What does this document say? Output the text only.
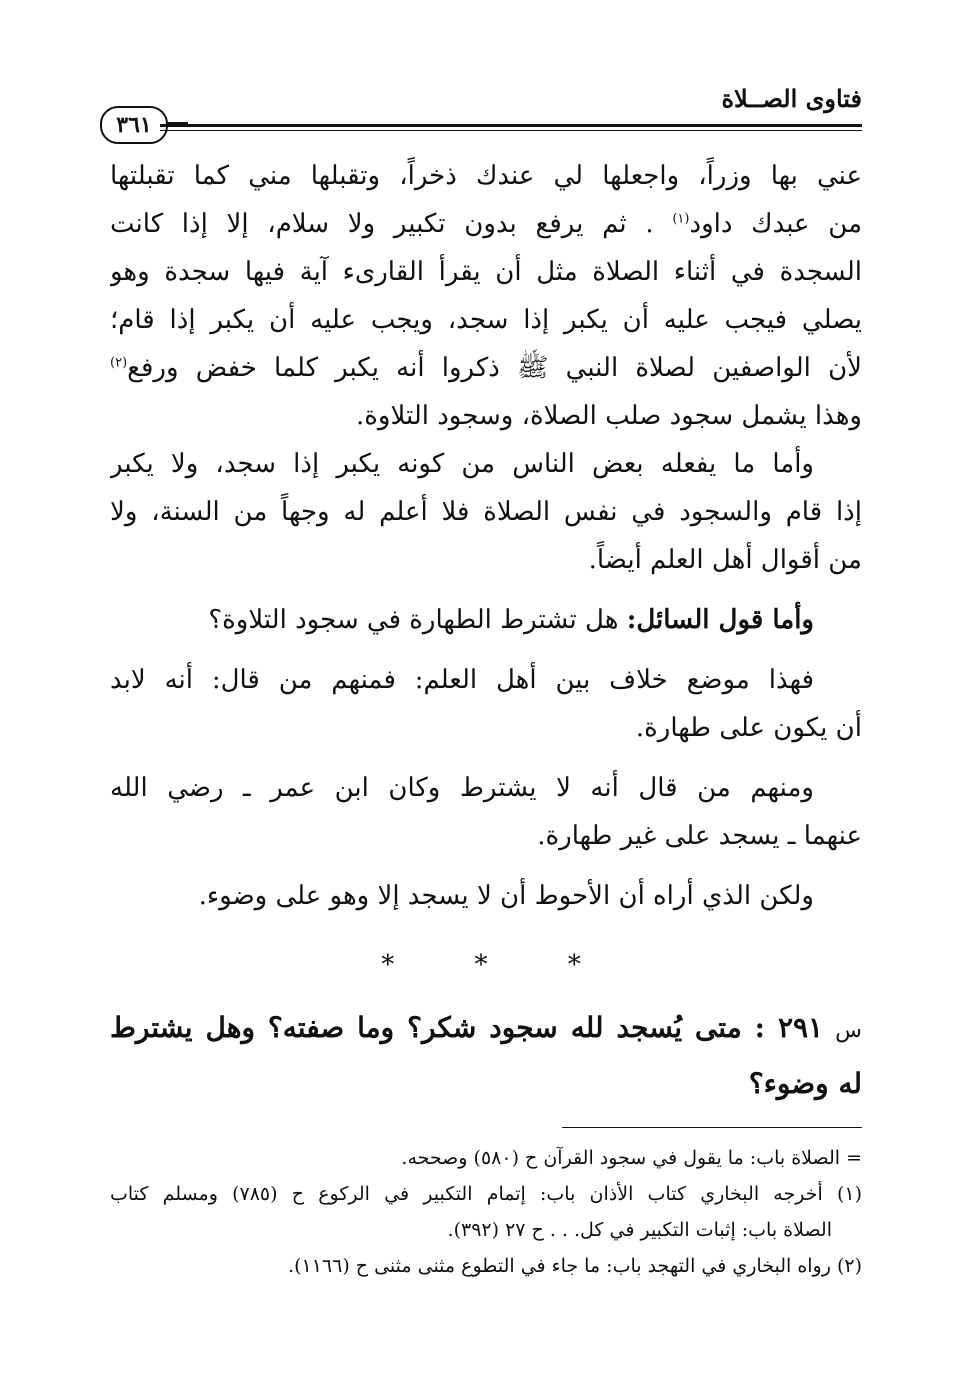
فتاوى الصــلاة
٣٦١
عني بها وزراً، واجعلها لي عندك ذخراً، وتقبلها مني كما تقبلتها
من عبدك داود$^{(١)}$ . ثم يرفع بدون تكبير ولا سلام، إلا إذا كانت
السجدة في أثناء الصلاة مثل أن يقرأ القارىء آية فيها سجدة وهو
يصلي فيجب عليه أن يكبر إذا سجد، ويجب عليه أن يكبر إذا قام؛
لأن الواصفين لصلاة النبي ﷺ ذكروا أنه يكبر كلما خفض ورفع$^{(٢)}$
وهذا يشمل سجود صلب الصلاة، وسجود التلاوة.
وأما ما يفعله بعض الناس من كونه يكبر إذا سجد، ولا يكبر
إذا قام والسجود في نفس الصلاة فلا أعلم له وجهاً من السنة، ولا
من أقوال أهل العلم أيضاً.
وأما قول السائل: هل تشترط الطهارة في سجود التلاوة؟
فهذا موضع خلاف بين أهل العلم: فمنهم من قال: أنه لابد
أن يكون على طهارة.
ومنهم من قال أنه لا يشترط وكان ابن عمر ـ رضي الله
عنهما ـ يسجد على غير طهارة.
ولكن الذي أراه أن الأحوط أن لا يسجد إلا وهو على وضوء.
* * *
س ٢٩١ : متى يُسجد لله سجود شكر؟ وما صفته؟ وهل يشترط
له وضوء؟
= الصلاة باب: ما يقول في سجود القرآن ح (٥٨٠) وصححه.
(١) أخرجه البخاري كتاب الأذان باب: إتمام التكبير في الركوع ح (٧٨٥) ومسلم كتاب
الصلاة باب: إثبات التكبير في كل. . . ح ٢٧ (٣٩٢).
(٢) رواه البخاري في التهجد باب: ما جاء في التطوع مثنى مثنى ح (١١٦٦).
